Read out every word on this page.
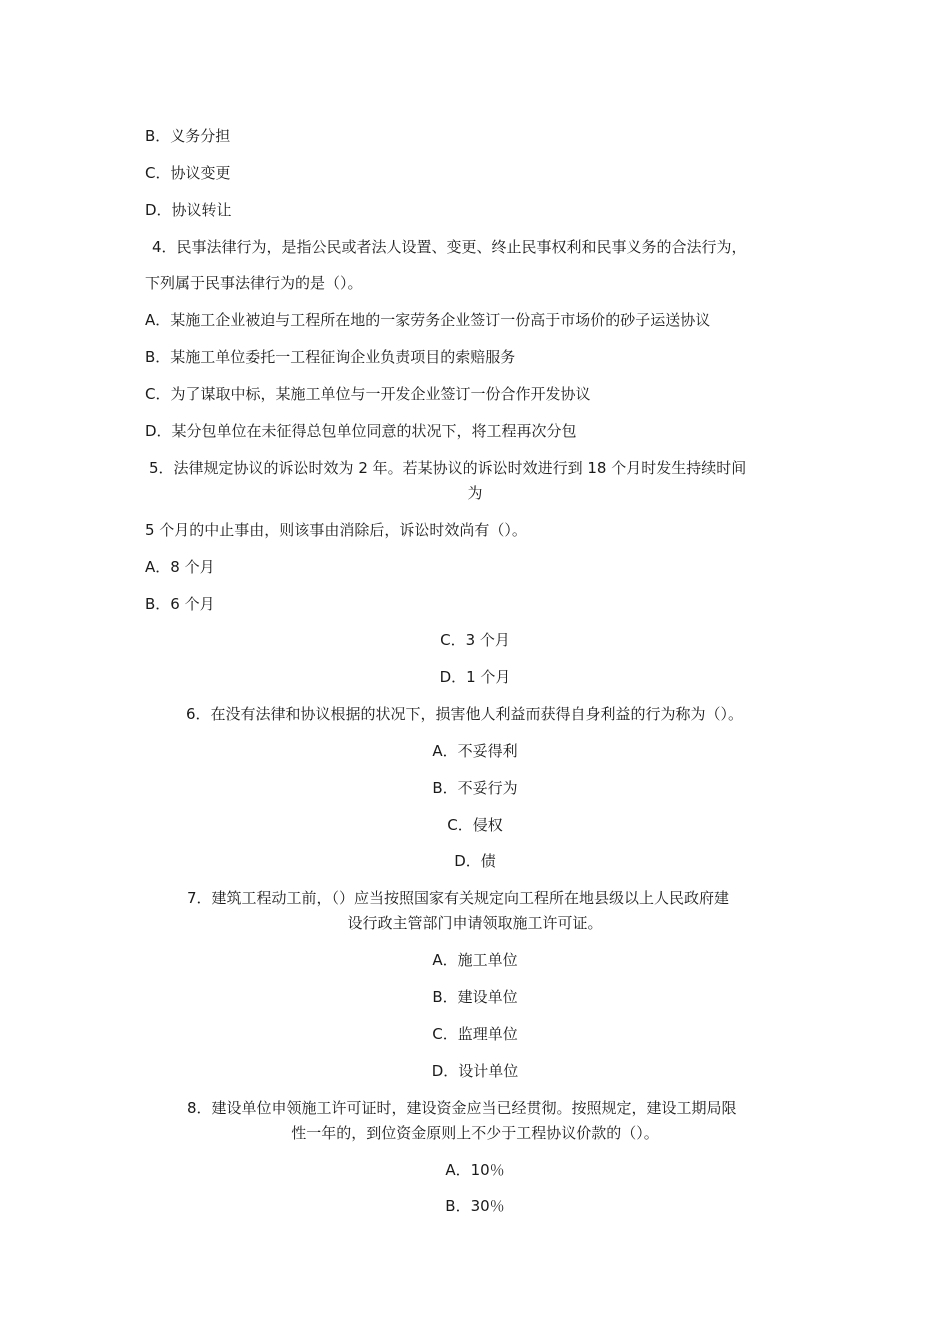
B．义务分担
C．协议变更
D．协议转让
4．民事法律行为，是指公民或者法人设置、变更、终止民事权利和民事义务的合法行为，
下列属于民事法律行为的是（）。
A．某施工企业被迫与工程所在地的一家劳务企业签订一份高于市场价的砂子运送协议
B．某施工单位委托一工程征询企业负责项目的索赔服务
C．为了谋取中标，某施工单位与一开发企业签订一份合作开发协议
D．某分包单位在未征得总包单位同意的状况下，将工程再次分包
5．法律规定协议的诉讼时效为 2 年。若某协议的诉讼时效进行到 18 个月时发生持续时间
为
5 个月的中止事由，则该事由消除后，诉讼时效尚有（）。
A．8 个月
B．6 个月
C．3 个月
D．1 个月
6．在没有法律和协议根据的状况下，损害他人利益而获得自身利益的行为称为（）。
A．不妥得利
B．不妥行为
C．侵权
D．债
7．建筑工程动工前，（）应当按照国家有关规定向工程所在地县级以上人民政府建
设行政主管部门申请领取施工许可证。
A．施工单位
B．建设单位
C．监理单位
D．设计单位
8．建设单位申领施工许可证时，建设资金应当已经贯彻。按照规定，建设工期局限
性一年的，到位资金原则上不少于工程协议价款的（）。
A．10％
B．30％
